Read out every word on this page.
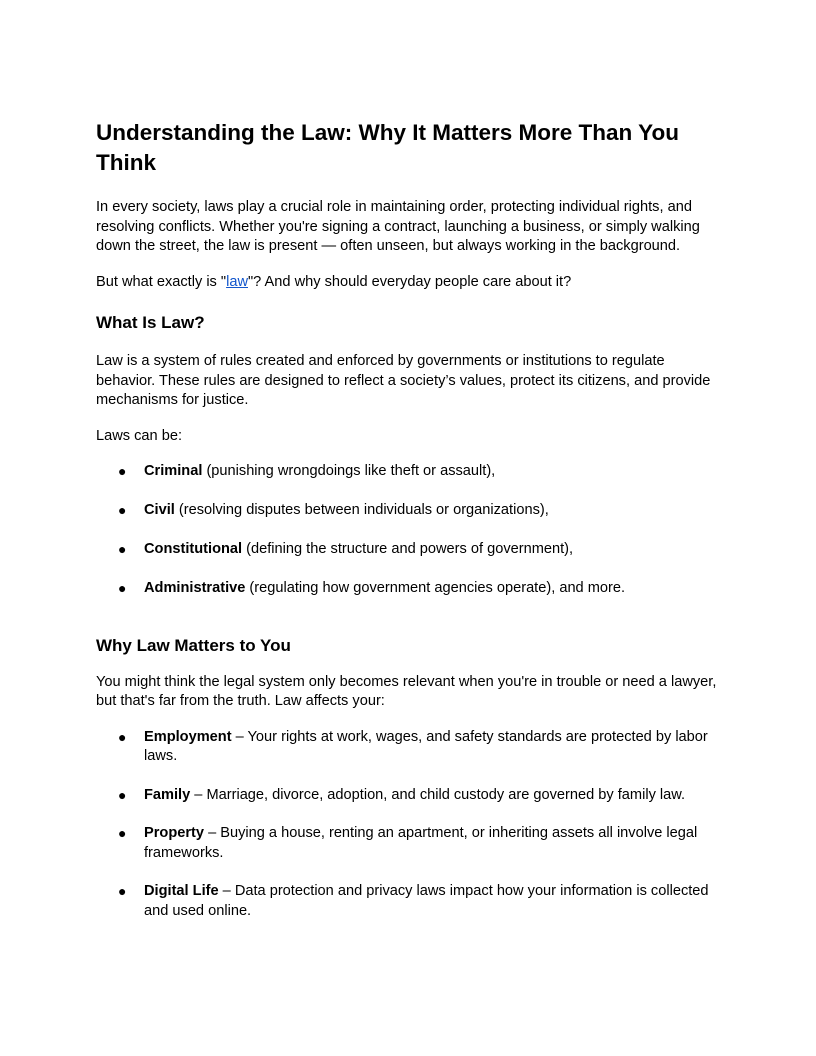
Understanding the Law: Why It Matters More Than You Think

In every society, laws play a crucial role in maintaining order, protecting individual rights, and resolving conflicts. Whether you're signing a contract, launching a business, or simply walking down the street, the law is present — often unseen, but always working in the background.

But what exactly is "law"? And why should everyday people care about it?

What Is Law?

Law is a system of rules created and enforced by governments or institutions to regulate behavior. These rules are designed to reflect a society’s values, protect its citizens, and provide mechanisms for justice.

Laws can be:

● Criminal (punishing wrongdoings like theft or assault),
● Civil (resolving disputes between individuals or organizations),
● Constitutional (defining the structure and powers of government),
● Administrative (regulating how government agencies operate), and more.
Why Law Matters to You

You might think the legal system only becomes relevant when you're in trouble or need a lawyer, but that's far from the truth. Law affects your:

● Employment – Your rights at work, wages, and safety standards are protected by labor laws.
● Family – Marriage, divorce, adoption, and child custody are governed by family law.
● Property – Buying a house, renting an apartment, or inheriting assets all involve legal frameworks.
● Digital Life – Data protection and privacy laws impact how your information is collected and used online.
